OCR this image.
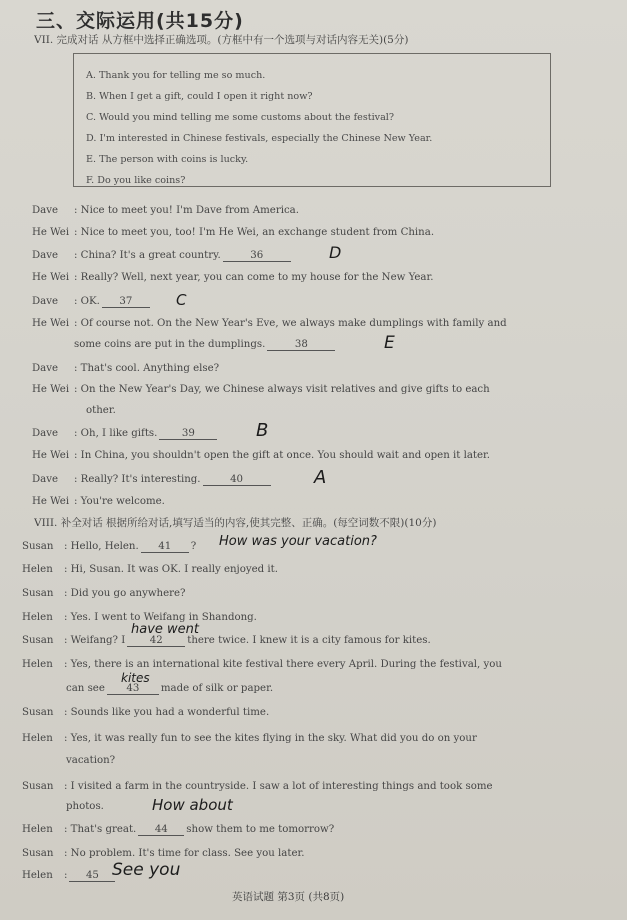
三、交际运用(共15分)
VII. 完成对话 从方框中选择正确选项。(方框中有一个选项与对话内容无关)(5分)
A. Thank you for telling me so much.
B. When I get a gift, could I open it right now?
C. Would you mind telling me some customs about the festival?
D. I'm interested in Chinese festivals, especially the Chinese New Year.
E. The person with coins is lucky.
F. Do you like coins?
Dave : Nice to meet you! I'm Dave from America.
He Wei : Nice to meet you, too! I'm He Wei, an exchange student from China.
Dave : China? It's a great country.	36	D
He Wei : Really? Well, next year, you can come to my house for the New Year.
Dave : OK. 37	C
He Wei : Of course not. On the New Year's Eve, we always make dumplings with family and
some coins are put in the dumplings.	38	E
Dave : That's cool. Anything else?
He Wei : On the New Year's Day, we Chinese always visit relatives and give gifts to each
other.
Dave : Oh, I like gifts. 39	B
He Wei : In China, you shouldn't open the gift at once. You should wait and open it later.
Dave : Really? It's interesting.	40	A
He Wei : You're welcome.
VIII. 补全对话 根据所给对话,填写适当的内容,使其完整、正确。(每空词数不限)(10分)
Susan : Hello, Helen. 41 ? How was your vacation?
Helen : Hi, Susan. It was OK. I really enjoyed it.
Susan : Did you go anywhere?
Helen : Yes. I went to Weifang in Shandong.
have went
Susan : Weifang? I 42 there twice. I knew it is a city famous for kites.
Helen : Yes, there is an international kite festival there every April. During the festival, you
kites
can see 43 made of silk or paper.
Susan : Sounds like you had a wonderful time.
Helen : Yes, it was really fun to see the kites flying in the sky. What did you do on your
vacation?
Susan : I visited a farm in the countryside. I saw a lot of interesting things and took some
photos.	How about
Helen : That's great. 44 show them to me tomorrow?
Susan : No problem. It's time for class. See you later.
Helen : 45 See you
英语试题 第3页 (共8页)
